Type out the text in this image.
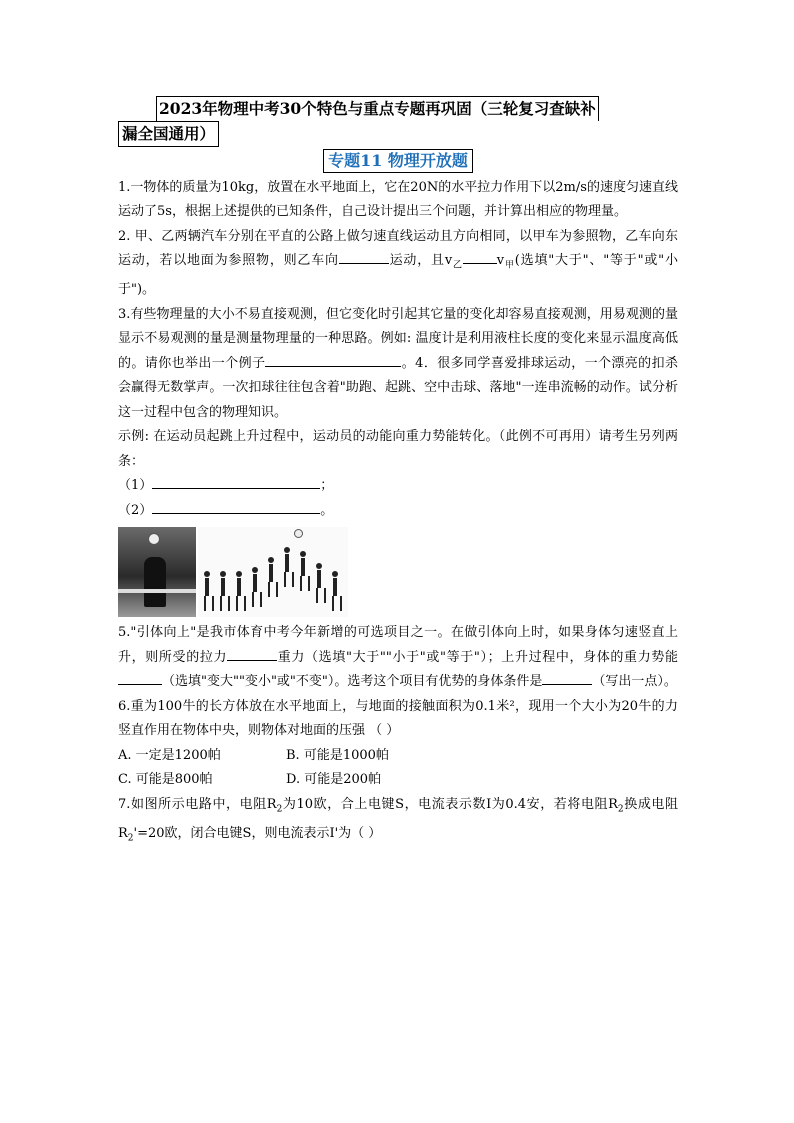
2023年物理中考30个特色与重点专题再巩固（三轮复习查缺补
漏全国通用）
专题11 物理开放题

1.一物体的质量为10kg，放置在水平地面上，它在20N的水平拉力作用下以2m/s的速度匀速直线运动了5s，根据上述提供的已知条件，自己设计提出三个问题，并计算出相应的物理量。

2. 甲、乙两辆汽车分别在平直的公路上做匀速直线运动且方向相同，以甲车为参照物，乙车向东运动，若以地面为参照物，则乙车向	运动，且$v_乙$	$v_甲$(选填"大于"、"等于"或"小于")。

3.有些物理量的大小不易直接观测，但它变化时引起其它量的变化却容易直接观测，用易观测的量显示不易观测的量是测量物理量的一种思路。例如: 温度计是利用液柱长度的变化来显示温度高低的。请你也举出一个例子	。4．很多同学喜爱排球运动，一个漂亮的扣杀会赢得无数掌声。一次扣球往往包含着"助跑、起跳、空中击球、落地"一连串流畅的动作。试分析这一过程中包含的物理知识。

示例: 在运动员起跳上升过程中，运动员的动能向重力势能转化。（此例不可再用）请考生另列两条：

（1）	；

（2）	。

5."引体向上"是我市体育中考今年新增的可选项目之一。在做引体向上时，如果身体匀速竖直上升，则所受的拉力	重力（选填"大于""小于"或"等于"）；上升过程中，身体的重力势能（选填"变大""变小"或"不变"）。选考这个项目有优势的身体条件是	（写出一点）。

6.重为100牛的长方体放在水平地面上，与地面的接触面积为0.1米²，现用一个大小为20牛的力竖直作用在物体中央，则物体对地面的压强 （ ）

A. 一定是1200帕	B. 可能是1000帕
C. 可能是800帕	D. 可能是200帕

7.如图所示电路中，电阻$R_2$为10欧，合上电键S，电流表示数I为0.4安，若将电阻$R_2$换成电阻$R_2'=20$欧，闭合电键S，则电流表示I'为（ ）
